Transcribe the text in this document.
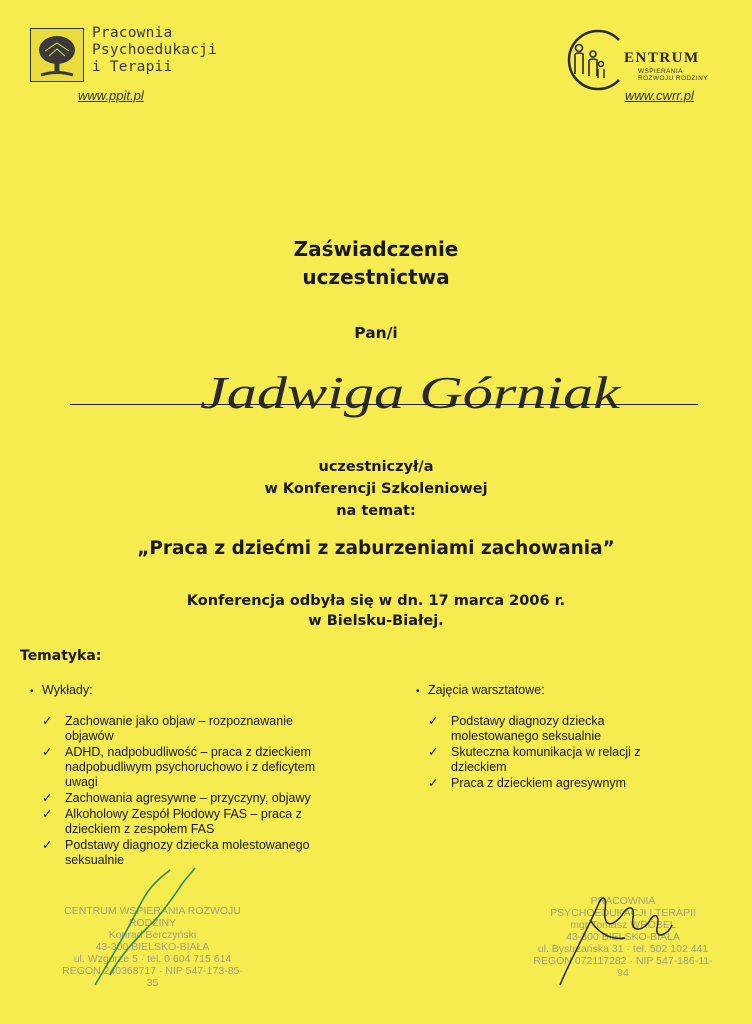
Pracownia
Psychoedukacji
i Terapii
www.ppit.pl
ENTRUM
WSPIERANIA
ROZWOJU RODZINY
www.cwrr.pl
Zaświadczenie
uczestnictwa
Pan/i
Jadwiga Górniak
uczestniczył/a
w Konferencji Szkoleniowej
na temat:
„Praca z dziećmi z zaburzeniami zachowania”
Konferencja odbyła się w dn. 17 marca 2006 r.
w Bielsku-Białej.
Tematyka:
• Wykłady:
✓ Zachowanie jako objaw – rozpoznawanie
objawów
✓ ADHD, nadpobudliwość – praca z dzieckiem
nadpobudliwym psychoruchowo i z deficytem
uwagi
✓ Zachowania agresywne – przyczyny, objawy
✓ Alkoholowy Zespół Płodowy FAS – praca z
dzieckiem z zespołem FAS
✓ Podstawy diagnozy dziecka molestowanego
seksualnie
• Zajęcia warsztatowe:
✓ Podstawy diagnozy dziecka
molestowanego seksualnie
✓ Skuteczna komunikacja w relacji z
dzieckiem
✓ Praca z dzieckiem agresywnym
CENTRUM WSPIERANIA ROZWOJU RODZINY
Konrad Berczyński
43-300 BIELSKO-BIAŁA
ul. Wzgórze 5 · tel. 0 604 715 614
REGON 240368717 · NIP 547-173-85-35
PRACOWNIA
PSYCHOEDUKACJI I TERAPII
mgr Tomasz WRÓBEL
43-300 BIELSKO-BIAŁA
ul. Bystrzańska 31 · tel. 502 102 441
REGON 072117282 · NIP 547-186-11-94
